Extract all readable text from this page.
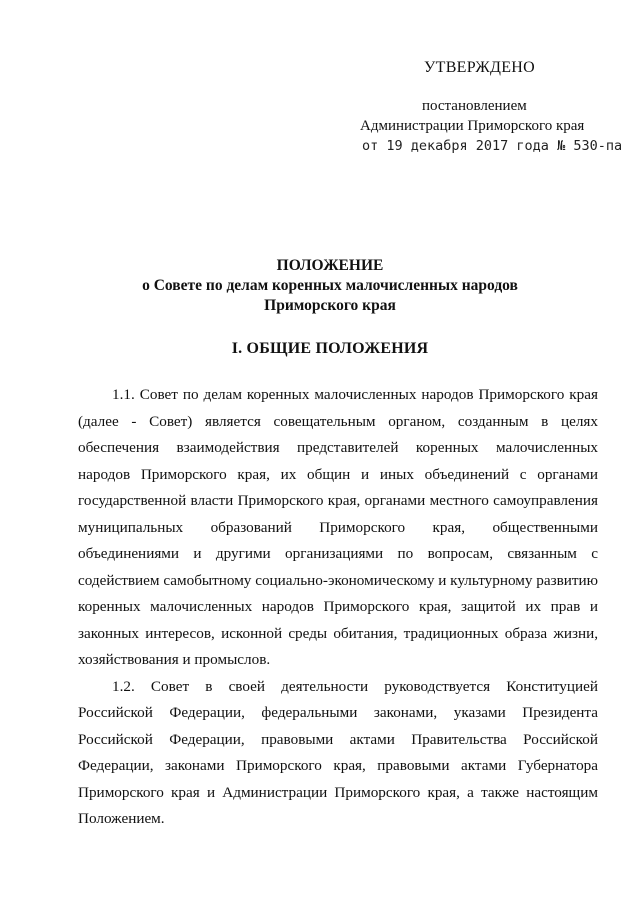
УТВЕРЖДЕНО
постановлением
Администрации Приморского края
от 19 декабря 2017 года № 530-па
ПОЛОЖЕНИЕ
о Совете по делам коренных малочисленных народов
Приморского края
I. ОБЩИЕ ПОЛОЖЕНИЯ

1.1. Совет по делам коренных малочисленных народов Приморского края (далее - Совет) является совещательным органом, созданным в целях обеспечения взаимодействия представителей коренных малочисленных народов Приморского края, их общин и иных объединений с органами государственной власти Приморского края, органами местного самоуправления муниципальных образований Приморского края, общественными объединениями и другими организациями по вопросам, связанным с содействием самобытному социально-экономическому и культурному развитию коренных малочисленных народов Приморского края, защитой их прав и законных интересов, исконной среды обитания, традиционных образа жизни, хозяйствования и промыслов.

1.2. Совет в своей деятельности руководствуется Конституцией Российской Федерации, федеральными законами, указами Президента Российской Федерации, правовыми актами Правительства Российской Федерации, законами Приморского края, правовыми актами Губернатора Приморского края и Администрации Приморского края, а также настоящим Положением.
